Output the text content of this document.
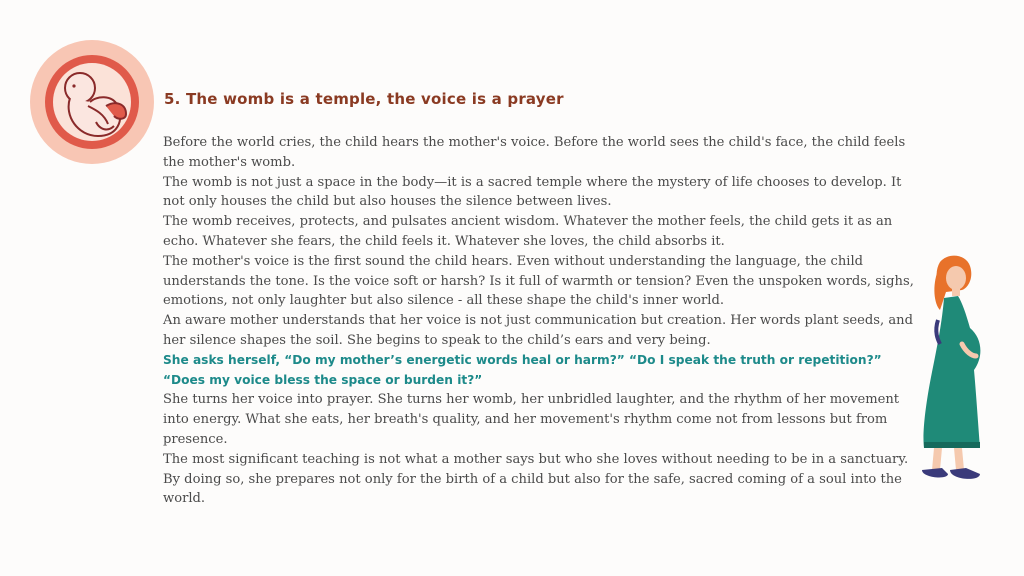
5. The womb is a temple, the voice is a prayer

Before the world cries, the child hears the mother's voice. Before the world sees the child's face, the child feels the mother's womb.

The womb is not just a space in the body—it is a sacred temple where the mystery of life chooses to develop. It not only houses the child but also houses the silence between lives.

The womb receives, protects, and pulsates ancient wisdom. Whatever the mother feels, the child gets it as an echo. Whatever she fears, the child feels it. Whatever she loves, the child absorbs it.

The mother's voice is the first sound the child hears. Even without understanding the language, the child understands the tone. Is the voice soft or harsh? Is it full of warmth or tension? Even the unspoken words, sighs, emotions, not only laughter but also silence - all these shape the child's inner world.

An aware mother understands that her voice is not just communication but creation. Her words plant seeds, and her silence shapes the soil. She begins to speak to the child’s ears and very being.

She asks herself, “Do my mother’s energetic words heal or harm?” “Do I speak the truth or repetition?” “Does my voice bless the space or burden it?”

She turns her voice into prayer. She turns her womb, her unbridled laughter, and the rhythm of her movement into energy. What she eats, her breath's quality, and her movement's rhythm come not from lessons but from presence.

The most significant teaching is not what a mother says but who she loves without needing to be in a sanctuary. By doing so, she prepares not only for the birth of a child but also for the safe, sacred coming of a soul into the world.
